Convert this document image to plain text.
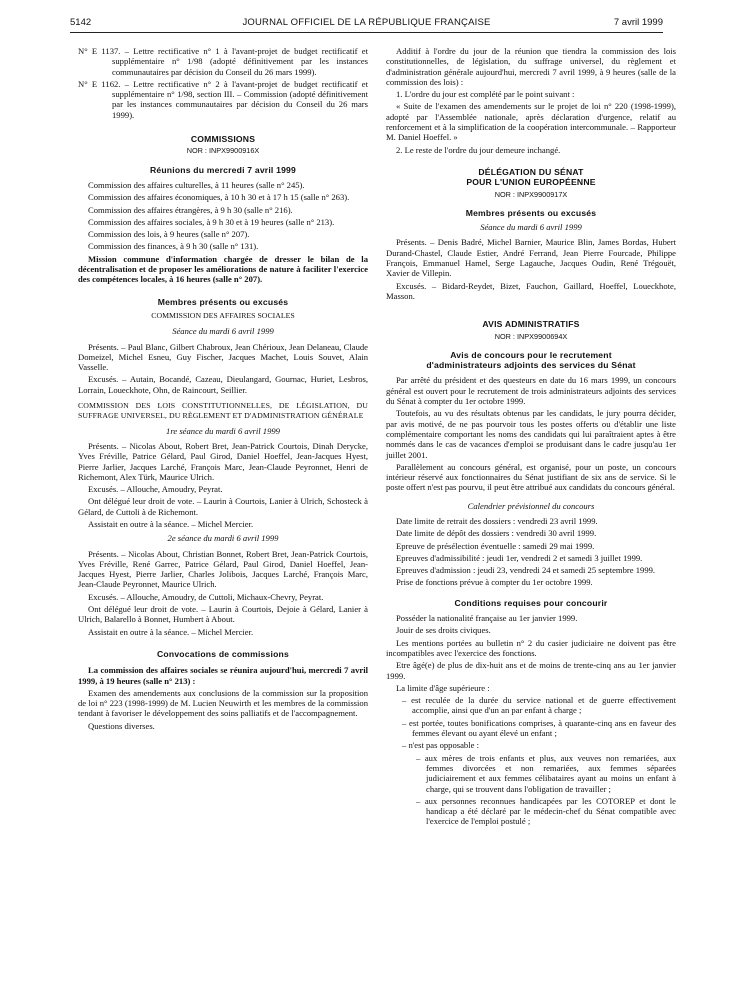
5142	JOURNAL OFFICIEL DE LA RÉPUBLIQUE FRANÇAISE	7 avril 1999

N° E 1137. – Lettre rectificative n° 1 à l'avant-projet de budget rectificatif et supplémentaire n° 1/98 (adopté définitivement par les instances communautaires par décision du Conseil du 26 mars 1999).

N° E 1162. – Lettre rectificative n° 2 à l'avant-projet de budget rectificatif et supplémentaire n° 1/98, section III. – Commission (adopté définitivement par les instances communautaires par décision du Conseil du 26 mars 1999).

COMMISSIONS
NOR : INPX9900916X
Réunions du mercredi 7 avril 1999

Commission des affaires culturelles, à 11 heures (salle n° 245).

Commission des affaires économiques, à 10 h 30 et à 17 h 15 (salle n° 263).

Commission des affaires étrangères, à 9 h 30 (salle n° 216).

Commission des affaires sociales, à 9 h 30 et à 19 heures (salle n° 213).

Commission des lois, à 9 heures (salle n° 207).

Commission des finances, à 9 h 30 (salle n° 131).

Mission commune d'information chargée de dresser le bilan de la décentralisation et de proposer les améliorations de nature à faciliter l'exercice des compétences locales, à 16 heures (salle n° 207).

Membres présents ou excusés
COMMISSION DES AFFAIRES SOCIALES
Séance du mardi 6 avril 1999

Présents. – Paul Blanc, Gilbert Chabroux, Jean Chérioux, Jean Delaneau, Claude Domeizel, Michel Esneu, Guy Fischer, Jacques Machet, Louis Souvet, Alain Vasselle.

Excusés. – Autain, Bocandé, Cazeau, Dieulangard, Gournac, Huriet, Lesbros, Lorrain, Loueckhote, Ohn, de Raincourt, Seillier.

COMMISSION DES LOIS CONSTITUTIONNELLES, DE LÉGISLATION, DU SUFFRAGE UNIVERSEL, DU RÈGLEMENT ET D'ADMINISTRATION GÉNÉRALE

1re séance du mardi 6 avril 1999

Présents. – Nicolas About, Robert Bret, Jean-Patrick Courtois, Dinah Derycke, Yves Fréville, Patrice Gélard, Paul Girod, Daniel Hoeffel, Jean-Jacques Hyest, Pierre Jarlier, Jacques Larché, François Marc, Jean-Claude Peyronnet, Henri de Richemont, Alex Türk, Maurice Ulrich.

Excusés. – Allouche, Amoudry, Peyrat.

Ont délégué leur droit de vote. – Laurin à Courtois, Lanier à Ulrich, Schosteck à Gélard, de Cuttoli à de Richemont.

Assistait en outre à la séance. – Michel Mercier.

2e séance du mardi 6 avril 1999

Présents. – Nicolas About, Christian Bonnet, Robert Bret, Jean-Patrick Courtois, Yves Fréville, René Garrec, Patrice Gélard, Paul Girod, Daniel Hoeffel, Jean-Jacques Hyest, Pierre Jarlier, Charles Jolibois, Jacques Larché, François Marc, Jean-Claude Peyronnet, Maurice Ulrich.

Excusés. – Allouche, Amoudry, de Cuttoli, Michaux-Chevry, Peyrat.

Ont délégué leur droit de vote. – Laurin à Courtois, Dejoie à Gélard, Lanier à Ulrich, Balarello à Bonnet, Humbert à About.

Assistait en outre à la séance. – Michel Mercier.

Convocations de commissions

La commission des affaires sociales se réunira aujourd'hui, mercredi 7 avril 1999, à 19 heures (salle n° 213) :

Examen des amendements aux conclusions de la commission sur la proposition de loi n° 223 (1998-1999) de M. Lucien Neuwirth et les membres de la commission tendant à favoriser le développement des soins palliatifs et de l'accompagnement.

Questions diverses.

Additif à l'ordre du jour de la réunion que tiendra la commission des lois constitutionnelles, de législation, du suffrage universel, du règlement et d'administration générale aujourd'hui, mercredi 7 avril 1999, à 9 heures (salle de la commission des lois) :

1. L'ordre du jour est complété par le point suivant :

« Suite de l'examen des amendements sur le projet de loi n° 220 (1998-1999), adopté par l'Assemblée nationale, après déclaration d'urgence, relatif au renforcement et à la simplification de la coopération intercommunale. – Rapporteur M. Daniel Hoeffel. »

2. Le reste de l'ordre du jour demeure inchangé.

DÉLÉGATION DU SÉNAT
POUR L'UNION EUROPÉENNE
NOR : INPX9900917X
Membres présents ou excusés
Séance du mardi 6 avril 1999

Présents. – Denis Badré, Michel Barnier, Maurice Blin, James Bordas, Hubert Durand-Chastel, Claude Estier, André Ferrand, Jean Pierre Fourcade, Philippe François, Emmanuel Hamel, Serge Lagauche, Jacques Oudin, René Trégouët, Xavier de Villepin.

Excusés. – Bidard-Reydet, Bizet, Fauchon, Gaillard, Hoeffel, Loueckhote, Masson.

AVIS ADMINISTRATIFS
NOR : INPX9900694X
Avis de concours pour le recrutement
d'administrateurs adjoints des services du Sénat

Par arrêté du président et des questeurs en date du 16 mars 1999, un concours général est ouvert pour le recrutement de trois administrateurs adjoints des services du Sénat à compter du 1er octobre 1999.

Toutefois, au vu des résultats obtenus par les candidats, le jury pourra décider, par avis motivé, de ne pas pourvoir tous les postes offerts ou d'établir une liste complémentaire comportant les noms des candidats qui lui paraîtraient aptes à être nommés dans le cas de vacances d'emploi se produisant dans le cadre jusqu'au 1er juillet 2001.

Parallèlement au concours général, est organisé, pour un poste, un concours intérieur réservé aux fonctionnaires du Sénat justifiant de six ans de service. Si le poste offert n'est pas pourvu, il peut être attribué aux candidats du concours général.

Calendrier prévisionnel du concours

Date limite de retrait des dossiers : vendredi 23 avril 1999.

Date limite de dépôt des dossiers : vendredi 30 avril 1999.

Epreuve de présélection éventuelle : samedi 29 mai 1999.

Epreuves d'admissibilité : jeudi 1er, vendredi 2 et samedi 3 juillet 1999.

Epreuves d'admission : jeudi 23, vendredi 24 et samedi 25 septembre 1999.

Prise de fonctions prévue à compter du 1er octobre 1999.

Conditions requises pour concourir

Posséder la nationalité française au 1er janvier 1999.

Jouir de ses droits civiques.

Les mentions portées au bulletin n° 2 du casier judiciaire ne doivent pas être incompatibles avec l'exercice des fonctions.

Etre âgé(e) de plus de dix-huit ans et de moins de trente-cinq ans au 1er janvier 1999.

La limite d'âge supérieure :

– est reculée de la durée du service national et de guerre effectivement accomplie, ainsi que d'un an par enfant à charge ;

– est portée, toutes bonifications comprises, à quarante-cinq ans en faveur des femmes élevant ou ayant élevé un enfant ;

– n'est pas opposable :

– aux mères de trois enfants et plus, aux veuves non remariées, aux femmes divorcées et non remariées, aux femmes séparées judiciairement et aux femmes célibataires ayant au moins un enfant à charge, qui se trouvent dans l'obligation de travailler ;

– aux personnes reconnues handicapées par les COTOREP et dont le handicap a été déclaré par le médecin-chef du Sénat compatible avec l'exercice de l'emploi postulé ;
